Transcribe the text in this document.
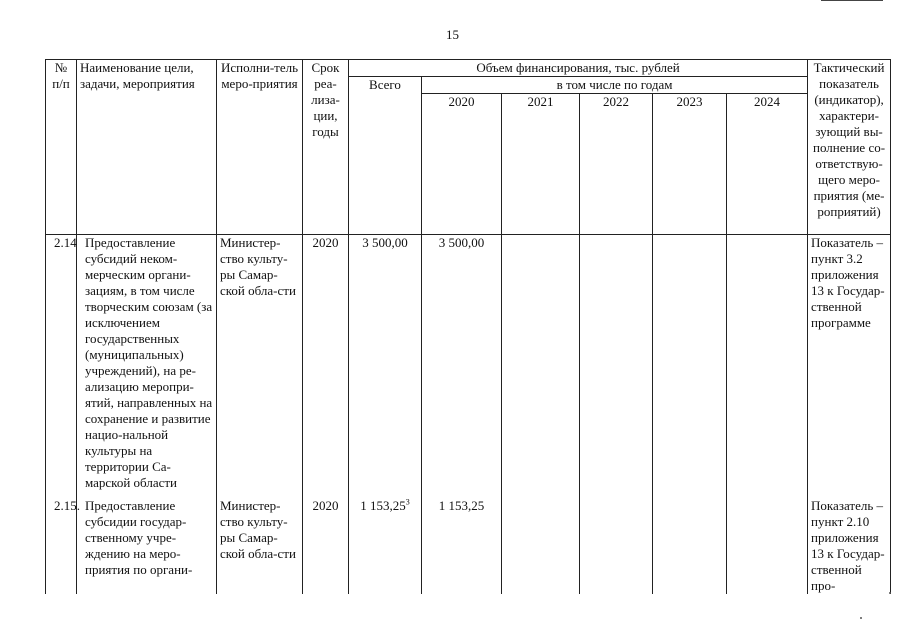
15
№ п/п	Наименование цели, задачи, мероприятия	Исполни-тель меро-приятия	Срок реа-лиза-ции, годы	Объем финансирования, тыс. рублей						Тактический показатель (индикатор), характери-зующий вы-полнение со-ответствую-щего меро-приятия (ме-роприятий)
				Всего	в том числе по годам					
					2020	2021	2022	2023	2024	
2.14	Предоставление субсидий неком-мерческим органи-зациям, в том числе творческим союзам (за исключением государственных (муниципальных) учреждений), на ре-ализацию меропри-ятий, направленных на сохранение и развитие нацио-нальной культуры на территории Са-марской области	Министер-ство культу-ры Самар-ской обла-сти	2020	3 500,00	3 500,00					Показатель – пункт 3.2 приложения 13 к Государ-ственной программе
2.15.	Предоставление субсидии государ-ственному учре-ждению на меро-приятия по органи-	Министер-ство культу-ры Самар-ской обла-сти	2020	1 153,25$^3$	1 153,25					Показатель – пункт 2.10 приложения 13 к Государ-ственной про-
